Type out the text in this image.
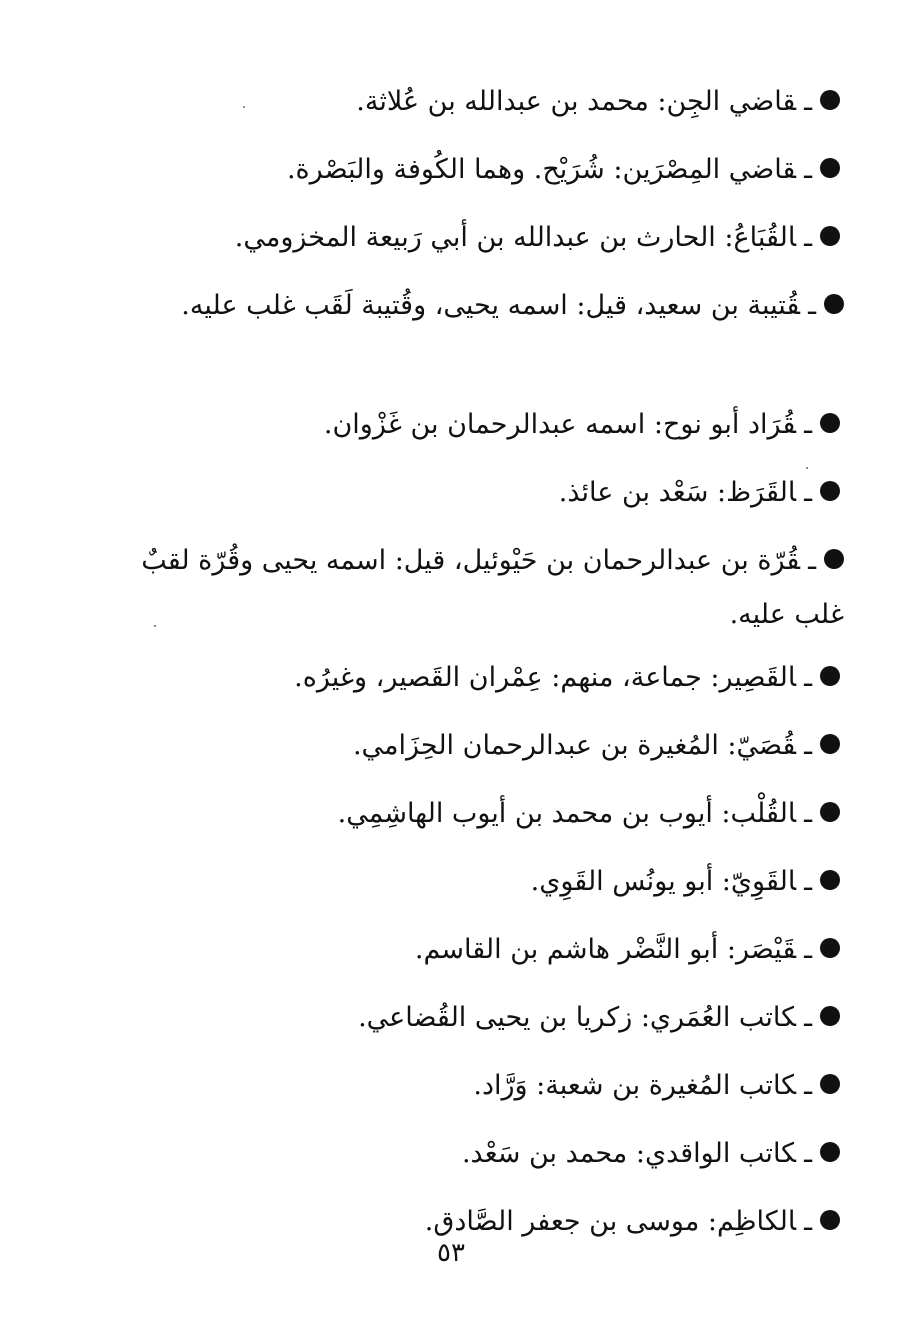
ـقاضي الجِن: محمد بن عبدالله بن عُلاثة.
ـقاضي المِصْرَين: شُرَيْح. وهما الكُوفة والبَصْرة.
ـالقُبَاعُ: الحارث بن عبدالله بن أبي رَبيعة المخزومي.
ـقُتيبة بن سعيد، قيل: اسمه يحيى، وقُتيبة لَقَب غلب عليه.
ـقُرَاد أبو نوح: اسمه عبدالرحمان بن غَزْوان.
ـالقَرَظ: سَعْد بن عائذ.
ـقُرّة بن عبدالرحمان بن حَيْوئيل، قيل: اسمه يحيى وقُرّة لقبٌ غلب عليه.
ـالقَصِير: جماعة، منهم: عِمْران القَصير، وغيرُه.
ـقُصَيّ: المُغيرة بن عبدالرحمان الحِزَامي.
ـالقُلْب: أيوب بن محمد بن أيوب الهاشِمِي.
ـالقَوِيّ: أبو يونُس القَوِي.
ـقَيْصَر: أبو النَّضْر هاشم بن القاسم.
ـكاتب العُمَري: زكريا بن يحيى القُضاعي.
ـكاتب المُغيرة بن شعبة: وَرَّاد.
ـكاتب الواقدي: محمد بن سَعْد.
ـالكاظِم: موسى بن جعفر الصَّادق.
٥٣
